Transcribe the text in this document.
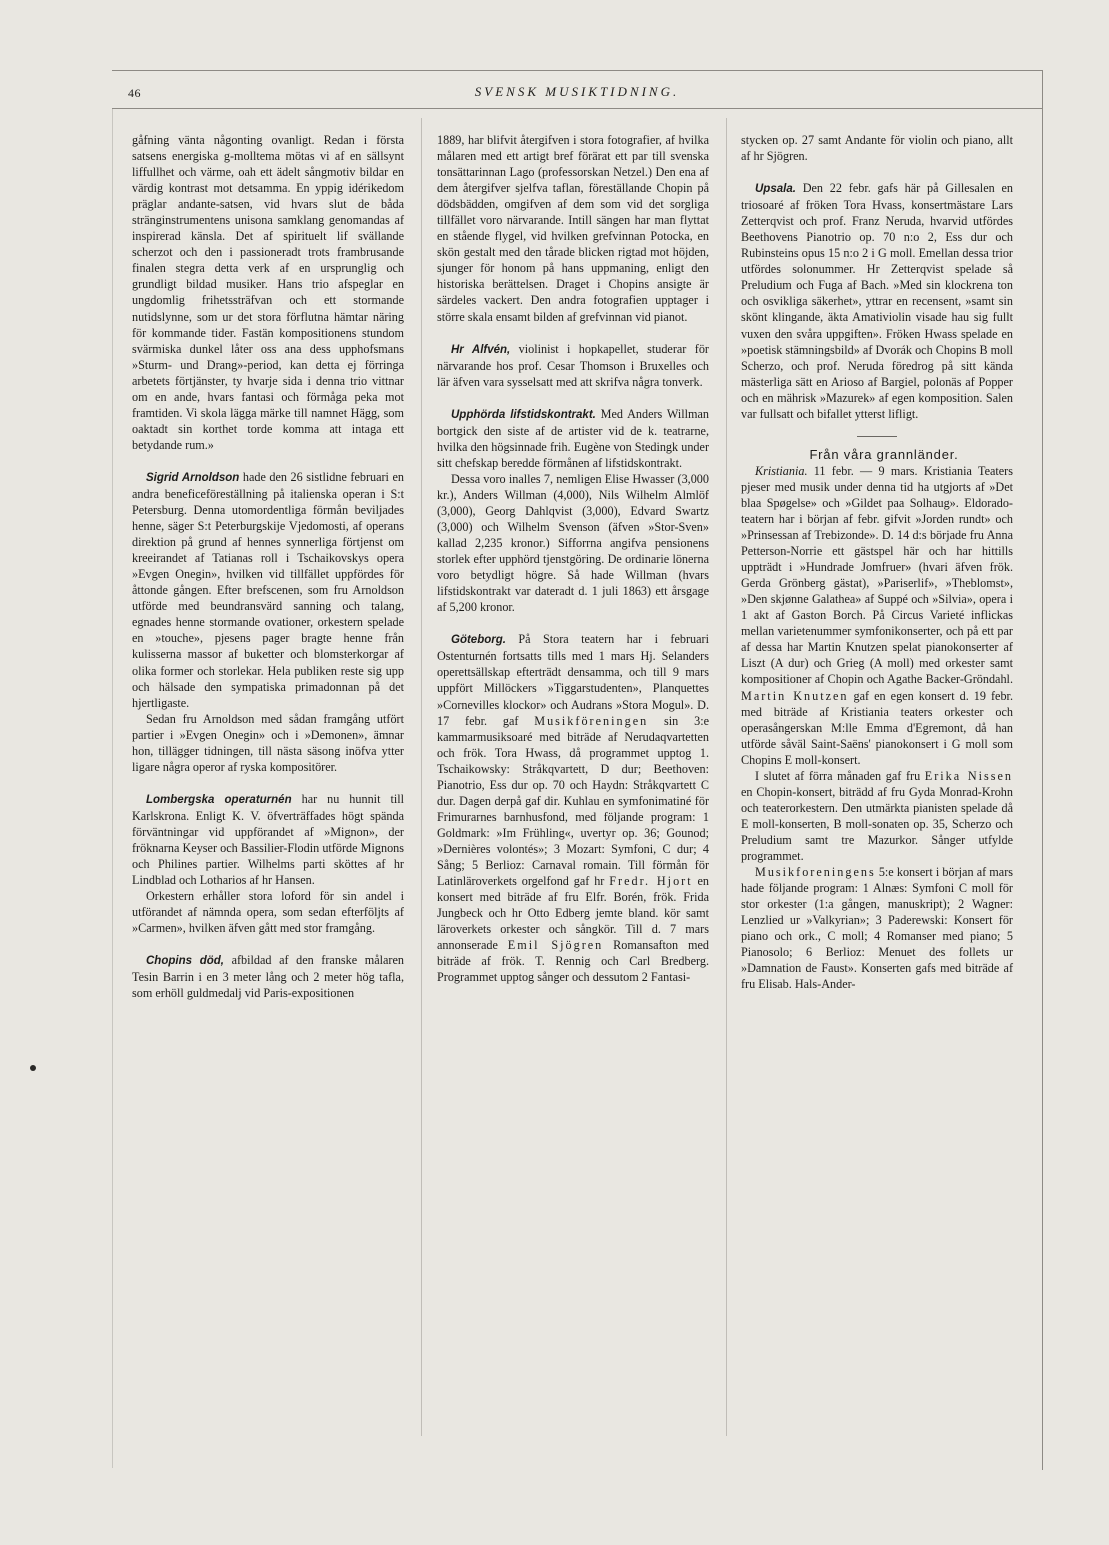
46	SVENSK MUSIKTIDNING.

gåfning vänta någonting ovanligt. Redan i första satsens energiska g-molltema mötas vi af en sällsynt liffullhet och värme, oah ett ädelt sångmotiv bildar en värdig kontrast mot detsamma. En yppig idérikedom präglar andante-satsen, vid hvars slut de båda stränginstrumentens unisona samklang genomandas af inspirerad känsla. Det af spirituelt lif svällande scherzot och den i passioneradt trots frambrusande finalen stegra detta verk af en ursprunglig och grundligt bildad musiker. Hans trio afspeglar en ungdomlig frihetssträfvan och ett stormande nutidslynne, som ur det stora förflutna hämtar näring för kommande tider. Fastän kompositionens stundom svärmiska dunkel låter oss ana dess upphofsmans »Sturm- und Drang»-period, kan detta ej förringa arbetets förtjänster, ty hvarje sida i denna trio vittnar om en ande, hvars fantasi och förmåga peka mot framtiden. Vi skola lägga märke till namnet Hägg, som oaktadt sin korthet torde komma att intaga ett betydande rum.»

Sigrid Arnoldson hade den 26 sistlidne februari en andra beneficeföreställning på italienska operan i S:t Petersburg. Denna utomordentliga förmån beviljades henne, säger S:t Peterburgskije Vjedomosti, af operans direktion på grund af hennes synnerliga förtjenst om kreeirandet af Tatianas roll i Tschaikovskys opera »Evgen Onegin», hvilken vid tillfället uppfördes för åttonde gången. Efter brefscenen, som fru Arnoldson utförde med beundransvärd sanning och talang, egnades henne stormande ovationer, orkestern spelade en »touche», pjesens pager bragte henne från kulisserna massor af buketter och blomsterkorgar af olika former och storlekar. Hela publiken reste sig upp och hälsade den sympatiska primadonnan på det hjertligaste.

Sedan fru Arnoldson med sådan framgång utfört partier i »Evgen Onegin» och i »Demonen», ämnar hon, tillägger tidningen, till nästa säsong inöfva ytter ligare några operor af ryska kompositörer.

Lombergska operaturnén har nu hunnit till Karlskrona. Enligt K. V. öfverträffades högt spända förväntningar vid uppförandet af »Mignon», der fröknarna Keyser och Bassilier-Flodin utförde Mignons och Philines partier. Wilhelms parti sköttes af hr Lindblad och Lotharios af hr Hansen.

Orkestern erhåller stora loford för sin andel i utförandet af nämnda opera, som sedan efterföljts af »Carmen», hvilken äfven gått med stor framgång.

Chopins död, afbildad af den franske målaren Tesin Barrin i en 3 meter lång och 2 meter hög tafla, som erhöll guldmedalj vid Paris-expositionen

1889, har blifvit återgifven i stora fotografier, af hvilka målaren med ett artigt bref förärat ett par till svenska tonsättarinnan Lago (professorskan Netzel.) Den ena af dem återgifver sjelfva taflan, föreställande Chopin på dödsbädden, omgifven af dem som vid det sorgliga tillfället voro närvarande. Intill sängen har man flyttat en stående flygel, vid hvilken grefvinnan Potocka, en skön gestalt med den tårade blicken rigtad mot höjden, sjunger för honom på hans uppmaning, enligt den historiska berättelsen. Draget i Chopins ansigte är särdeles vackert. Den andra fotografien upptager i större skala ensamt bilden af grefvinnan vid pianot.

Hr Alfvén, violinist i hopkapellet, studerar för närvarande hos prof. Cesar Thomson i Bruxelles och lär äfven vara sysselsatt med att skrifva några tonverk.

Upphörda lifstidskontrakt. Med Anders Willman bortgick den siste af de artister vid de k. teatrarne, hvilka den högsinnade frih. Eugène von Stedingk under sitt chefskap beredde förmånen af lifstidskontrakt.

Dessa voro inalles 7, nemligen Elise Hwasser (3,000 kr.), Anders Willman (4,000), Nils Wilhelm Almlöf (3,000), Georg Dahlqvist (3,000), Edvard Swartz (3,000) och Wilhelm Svenson (äfven »Stor-Sven» kallad 2,235 kronor.) Sifforrna angifva pensionens storlek efter upphörd tjenstgöring. De ordinarie lönerna voro betydligt högre. Så hade Willman (hvars lifstidskontrakt var dateradt d. 1 juli 1863) ett årsgage af 5,200 kronor.

Göteborg. På Stora teatern har i februari Ostenturnén fortsatts tills med 1 mars Hj. Selanders operettsällskap efterträdt densamma, och till 9 mars uppfört Millöckers »Tiggarstudenten», Planquettes »Cornevilles klockor» och Audrans »Stora Mogul». D. 17 febr. gaf Musikföreningen sin 3:e kammarmusiksoaré med biträde af Nerudaqvartetten och frök. Tora Hwass, då programmet upptog 1. Tschaikowsky: Stråkqvartett, D dur; Beethoven: Pianotrio, Ess dur op. 70 och Haydn: Stråkqvartett C dur. Dagen derpå gaf dir. Kuhlau en symfonimatiné för Frimurarnes barnhusfond, med följande program: 1 Goldmark: »Im Frühling«, uvertyr op. 36; Gounod; »Dernières volontés»; 3 Mozart: Symfoni, C dur; 4 Sång; 5 Berlioz: Carnaval romain. Till förmån för Latinläroverkets orgelfond gaf hr Fredr. Hjort en konsert med biträde af fru Elfr. Borén, frök. Frida Jungbeck och hr Otto Edberg jemte bland. kör samt läroverkets orkester och sångkör. Till d. 7 mars annonserade Emil Sjögren Romansafton med biträde af frök. T. Rennig och Carl Bredberg. Programmet upptog sånger och dessutom 2 Fantasi-

stycken op. 27 samt Andante för violin och piano, allt af hr Sjögren.

Upsala. Den 22 febr. gafs här på Gillesalen en triosoaré af fröken Tora Hvass, konsertmästare Lars Zetterqvist och prof. Franz Neruda, hvarvid utfördes Beethovens Pianotrio op. 70 n:o 2, Ess dur och Rubinsteins opus 15 n:o 2 i G moll. Emellan dessa trior utfördes solonummer. Hr Zetterqvist spelade så Preludium och Fuga af Bach. »Med sin klockrena ton och osvikliga säkerhet», yttrar en recensent, »samt sin skönt klingande, äkta Amativiolin visade hau sig fullt vuxen den svåra uppgiften». Fröken Hwass spelade en »poetisk stämningsbild» af Dvorák och Chopins B moll Scherzo, och prof. Neruda föredrog på sitt kända mästerliga sätt en Arioso af Bargiel, polonäs af Popper och en mährisk »Mazurek» af egen komposition. Salen var fullsatt och bifallet ytterst lifligt.

Från våra grannländer.

Kristiania. 11 febr. — 9 mars. Kristiania Teaters pjeser med musik under denna tid ha utgjorts af »Det blaa Spøgelse» och »Gildet paa Solhaug». Eldorado-teatern har i början af febr. gifvit »Jorden rundt» och »Prinsessan af Trebizonde». D. 14 d:s började fru Anna Petterson-Norrie ett gästspel här och har hittills uppträdt i »Hundrade Jomfruer» (hvari äfven frök. Gerda Grönberg gästat), »Pariserlif», »Theblomst», »Den skjønne Galathea» af Suppé och »Silvia», opera i 1 akt af Gaston Borch. På Circus Varieté inflickas mellan varietenummer symfonikonserter, och på ett par af dessa har Martin Knutzen spelat pianokonserter af Liszt (A dur) och Grieg (A moll) med orkester samt kompositioner af Chopin och Agathe Backer-Gröndahl. Martin Knutzen gaf en egen konsert d. 19 febr. med biträde af Kristiania teaters orkester och operasångerskan M:lle Emma d'Egremont, då han utförde såväl Saint-Saëns' pianokonsert i G moll som Chopins E moll-konsert.

I slutet af förra månaden gaf fru Erika Nissen en Chopin-konsert, biträdd af fru Gyda Monrad-Krohn och teaterorkestern. Den utmärkta pianisten spelade då E moll-konserten, B moll-sonaten op. 35, Scherzo och Preludium samt tre Mazurkor. Sånger utfylde programmet.

Musikforeningens 5:e konsert i början af mars hade följande program: 1 Alnæs: Symfoni C moll för stor orkester (1:a gången, manuskript); 2 Wagner: Lenzlied ur »Valkyrian»; 3 Paderewski: Konsert för piano och ork., C moll; 4 Romanser med piano; 5 Pianosolo; 6 Berlioz: Menuet des follets ur »Damnation de Faust». Konserten gafs med biträde af fru Elisab. Hals-Ander-
